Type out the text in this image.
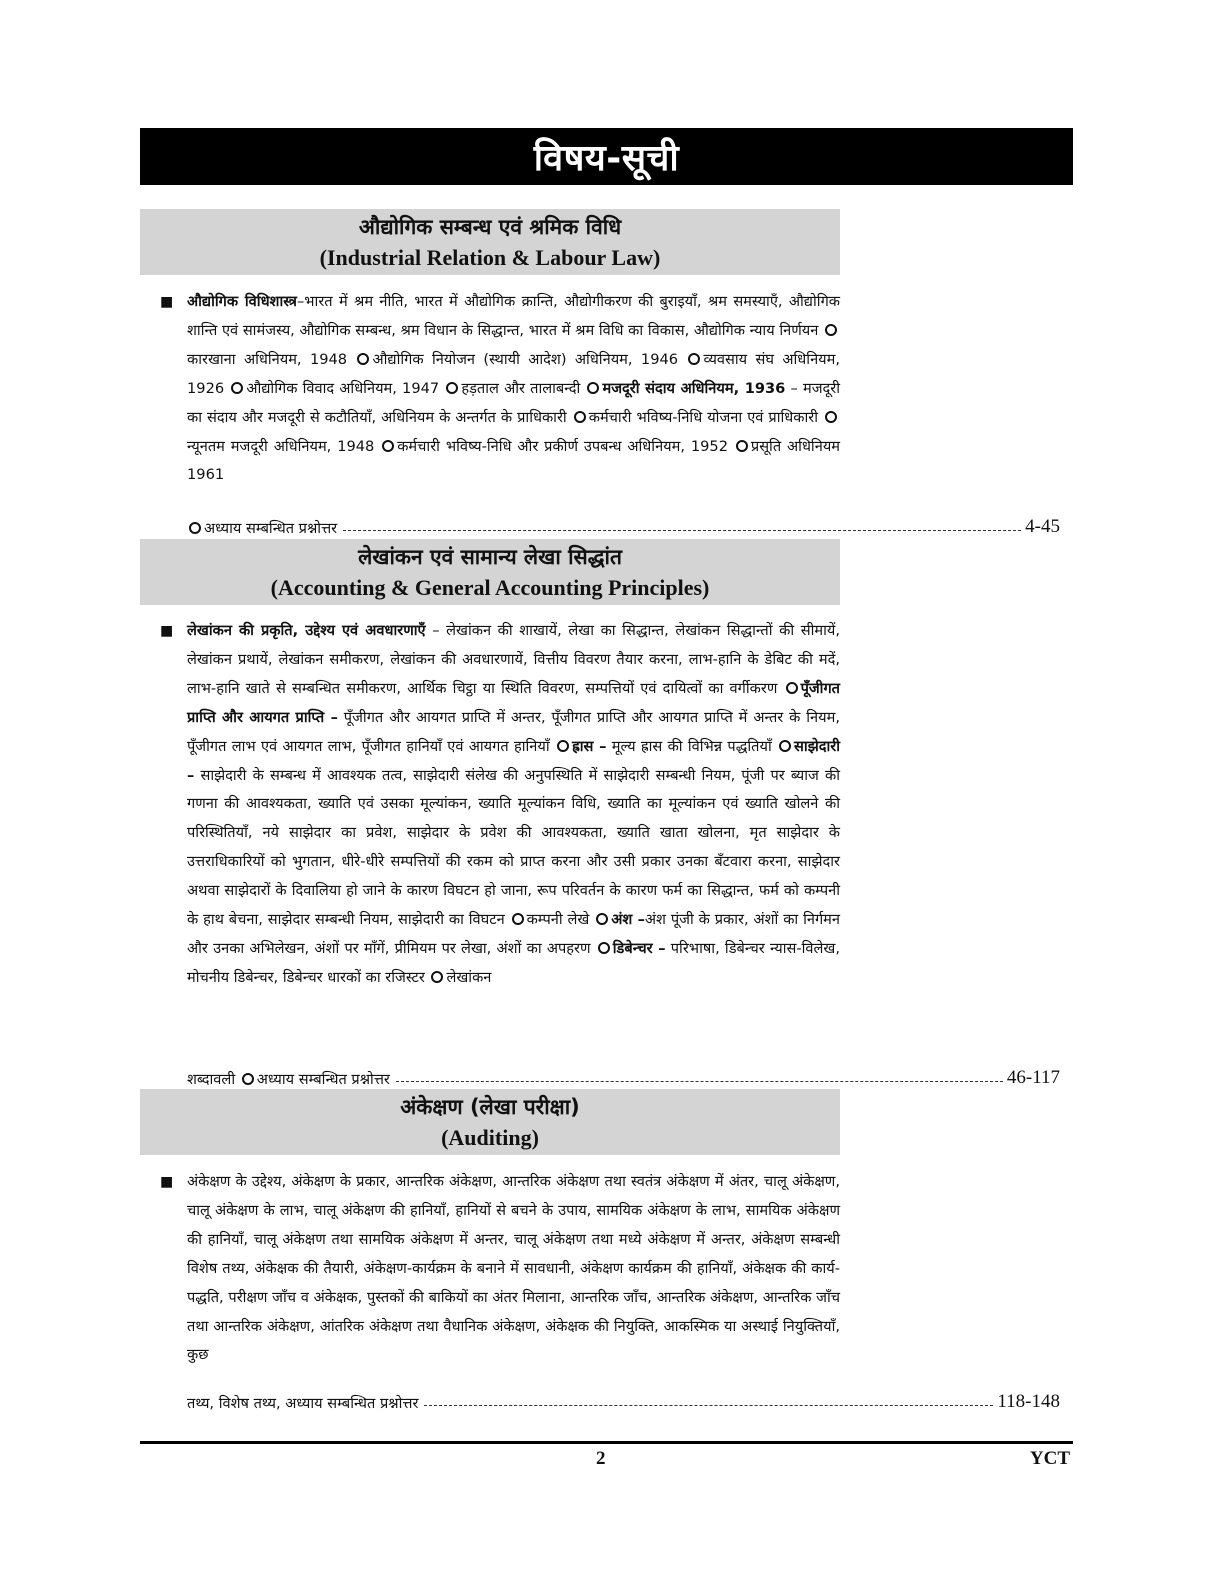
विषय-सूची
औद्योगिक सम्बन्ध एवं श्रमिक विधि
(Industrial Relation & Labour Law)
■ औद्योगिक विधिशास्त्र–भारत में श्रम नीति, भारत में औद्योगिक क्रान्ति, औद्योगीकरण की बुराइयाँ, श्रम समस्याएँ, औद्योगिक शान्ति एवं सामंजस्य, औद्योगिक सम्बन्ध, श्रम विधान के सिद्धान्त, भारत में श्रम विधि का विकास, औद्योगिक न्याय निर्णयन कारखाना अधिनियम, 1948 औद्योगिक नियोजन (स्थायी आदेश) अधिनियम, 1946 व्यवसाय संघ अधिनियम, 1926 औद्योगिक विवाद अधिनियम, 1947 हड़ताल और तालाबन्दी मजदूरी संदाय अधिनियम, 1936 – मजदूरी का संदाय और मजदूरी से कटौतियाँ, अधिनियम के अन्तर्गत के प्राधिकारी कर्मचारी भविष्य-निधि योजना एवं प्राधिकारी न्यूनतम मजदूरी अधिनियम, 1948 कर्मचारी भविष्य-निधि और प्रकीर्ण उपबन्ध अधिनियम, 1952 प्रसूति अधिनियम 1961
अध्याय सम्बन्धित प्रश्नोत्तर	4-45
लेखांकन एवं सामान्य लेखा सिद्धांत
(Accounting & General Accounting Principles)
■ लेखांकन की प्रकृति, उद्देश्य एवं अवधारणाएँ – लेखांकन की शाखायें, लेखा का सिद्धान्त, लेखांकन सिद्धान्तों की सीमायें, लेखांकन प्रथायें, लेखांकन समीकरण, लेखांकन की अवधारणायें, वित्तीय विवरण तैयार करना, लाभ-हानि के डेबिट की मदें, लाभ-हानि खाते से सम्बन्धित समीकरण, आर्थिक चिट्ठा या स्थिति विवरण, सम्पत्तियों एवं दायित्वों का वर्गीकरण पूँजीगत प्राप्ति और आयगत प्राप्ति – पूँजीगत और आयगत प्राप्ति में अन्तर, पूँजीगत प्राप्ति और आयगत प्राप्ति में अन्तर के नियम, पूँजीगत लाभ एवं आयगत लाभ, पूँजीगत हानियाँ एवं आयगत हानियाँ ह्रास – मूल्य ह्रास की विभिन्न पद्धतियाँ साझेदारी – साझेदारी के सम्बन्ध में आवश्यक तत्व, साझेदारी संलेख की अनुपस्थिति में साझेदारी सम्बन्धी नियम, पूंजी पर ब्याज की गणना की आवश्यकता, ख्याति एवं उसका मूल्यांकन, ख्याति मूल्यांकन विधि, ख्याति का मूल्यांकन एवं ख्याति खोलने की परिस्थितियाँ, नये साझेदार का प्रवेश, साझेदार के प्रवेश की आवश्यकता, ख्याति खाता खोलना, मृत साझेदार के उत्तराधिकारियों को भुगतान, धीरे-धीरे सम्पत्तियों की रकम को प्राप्त करना और उसी प्रकार उनका बँटवारा करना, साझेदार अथवा साझेदारों के दिवालिया हो जाने के कारण विघटन हो जाना, रूप परिवर्तन के कारण फर्म का सिद्धान्त, फर्म को कम्पनी के हाथ बेचना, साझेदार सम्बन्धी नियम, साझेदारी का विघटन कम्पनी लेखे अंश –अंश पूंजी के प्रकार, अंशों का निर्गमन और उनका अभिलेखन, अंशों पर माँगें, प्रीमियम पर लेखा, अंशों का अपहरण डिबेन्चर – परिभाषा, डिबेन्चर न्यास-विलेख, मोचनीय डिबेन्चर, डिबेन्चर धारकों का रजिस्टर लेखांकन
शब्दावली अध्याय सम्बन्धित प्रश्नोत्तर	46-117
अंकेक्षण (लेखा परीक्षा)
(Auditing)
■ अंकेक्षण के उद्देश्य, अंकेक्षण के प्रकार, आन्तरिक अंकेक्षण, आन्तरिक अंकेक्षण तथा स्वतंत्र अंकेक्षण में अंतर, चालू अंकेक्षण, चालू अंकेक्षण के लाभ, चालू अंकेक्षण की हानियाँ, हानियों से बचने के उपाय, सामयिक अंकेक्षण के लाभ, सामयिक अंकेक्षण की हानियाँ, चालू अंकेक्षण तथा सामयिक अंकेक्षण में अन्तर, चालू अंकेक्षण तथा मध्ये अंकेक्षण में अन्तर, अंकेक्षण सम्बन्धी विशेष तथ्य, अंकेक्षक की तैयारी, अंकेक्षण-कार्यक्रम के बनाने में सावधानी, अंकेक्षण कार्यक्रम की हानियाँ, अंकेक्षक की कार्य-पद्धति, परीक्षण जाँच व अंकेक्षक, पुस्तकों की बाकियों का अंतर मिलाना, आन्तरिक जाँच, आन्तरिक अंकेक्षण, आन्तरिक जाँच तथा आन्तरिक अंकेक्षण, आंतरिक अंकेक्षण तथा वैधानिक अंकेक्षण, अंकेक्षक की नियुक्ति, आकस्मिक या अस्थाई नियुक्तियाँ, कुछ
तथ्य, विशेष तथ्य, अध्याय सम्बन्धित प्रश्नोत्तर	118-148
2	YCT
